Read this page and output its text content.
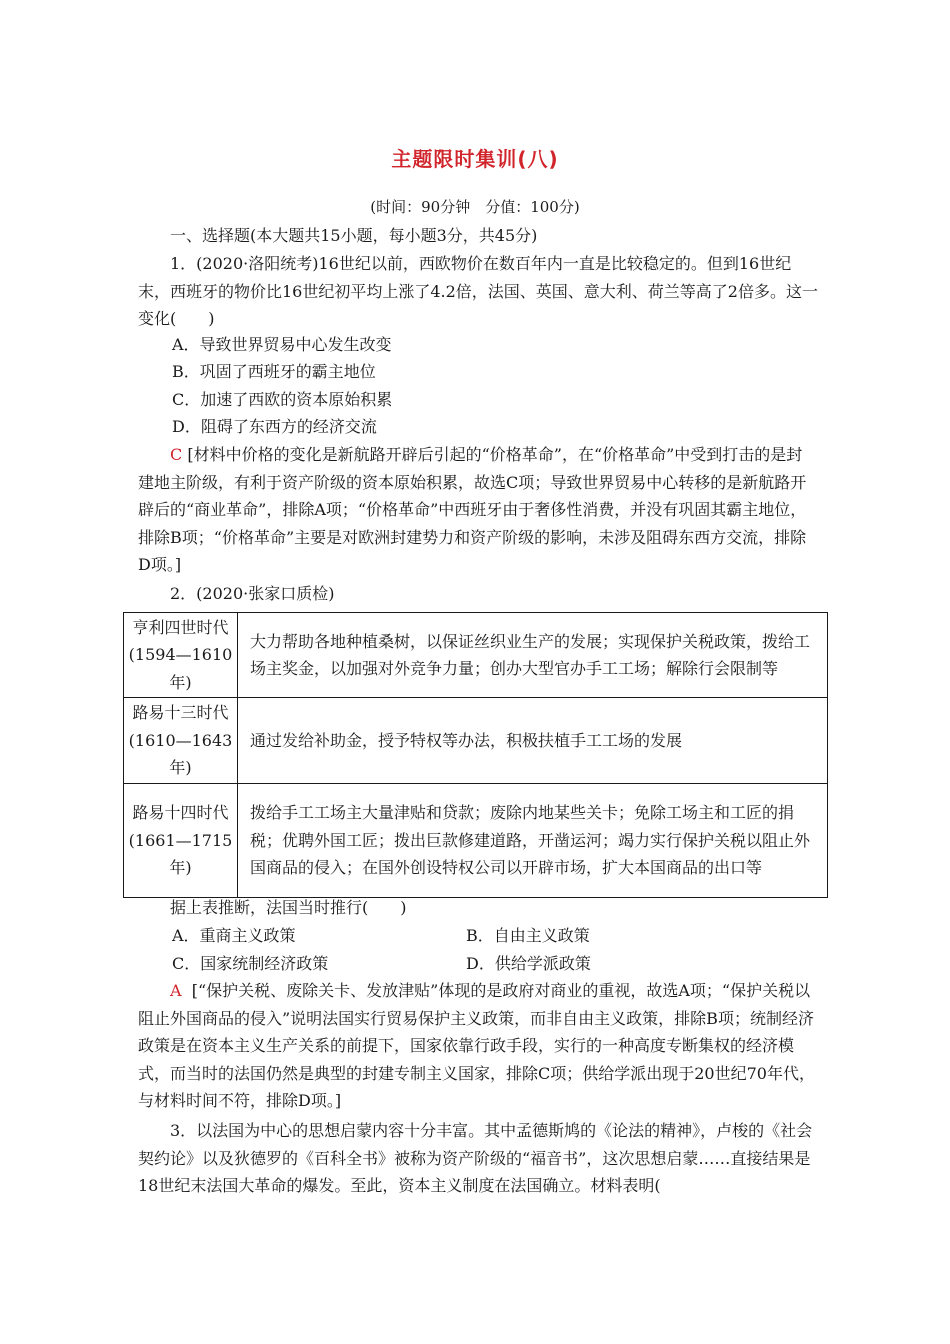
主题限时集训(八)
(时间：90分钟　分值：100分)
一、选择题(本大题共15小题，每小题3分，共45分)
1．(2020·洛阳统考)16世纪以前，西欧物价在数百年内一直是比较稳定的。但到16世纪末，西班牙的物价比16世纪初平均上涨了4.2倍，法国、英国、意大利、荷兰等高了2倍多。这一变化(　　)
A．导致世界贸易中心发生改变
B．巩固了西班牙的霸主地位
C．加速了西欧的资本原始积累
D．阻碍了东西方的经济交流
C [材料中价格的变化是新航路开辟后引起的“价格革命”，在“价格革命”中受到打击的是封建地主阶级，有利于资产阶级的资本原始积累，故选C项；导致世界贸易中心转移的是新航路开辟后的“商业革命”，排除A项；“价格革命”中西班牙由于奢侈性消费，并没有巩固其霸主地位，排除B项；“价格革命”主要是对欧洲封建势力和资产阶级的影响，未涉及阻碍东西方交流，排除D项。]
2．(2020·张家口质检)
亨利四世时代(1594—1610年)	大力帮助各地种植桑树，以保证丝织业生产的发展；实现保护关税政策，拨给工场主奖金，以加强对外竞争力量；创办大型官办手工工场；解除行会限制等
路易十三时代(1610—1643年)	通过发给补助金，授予特权等办法，积极扶植手工工场的发展
路易十四时代(1661—1715年)	拨给手工工场主大量津贴和贷款；废除内地某些关卡；免除工场主和工匠的捐税；优聘外国工匠；拨出巨款修建道路，开凿运河；竭力实行保护关税以阻止外国商品的侵入；在国外创设特权公司以开辟市场，扩大本国商品的出口等
据上表推断，法国当时推行(　　)
A．重商主义政策	B．自由主义政策
C．国家统制经济政策	D．供给学派政策
A [“保护关税、废除关卡、发放津贴”体现的是政府对商业的重视，故选A项；“保护关税以阻止外国商品的侵入”说明法国实行贸易保护主义政策，而非自由主义政策，排除B项；统制经济政策是在资本主义生产关系的前提下，国家依靠行政手段，实行的一种高度专断集权的经济模式，而当时的法国仍然是典型的封建专制主义国家，排除C项；供给学派出现于20世纪70年代，与材料时间不符，排除D项。]
3．以法国为中心的思想启蒙内容十分丰富。其中孟德斯鸠的《论法的精神》，卢梭的《社会契约论》以及狄德罗的《百科全书》被称为资产阶级的“福音书”，这次思想启蒙……直接结果是18世纪末法国大革命的爆发。至此，资本主义制度在法国确立。材料表明(
